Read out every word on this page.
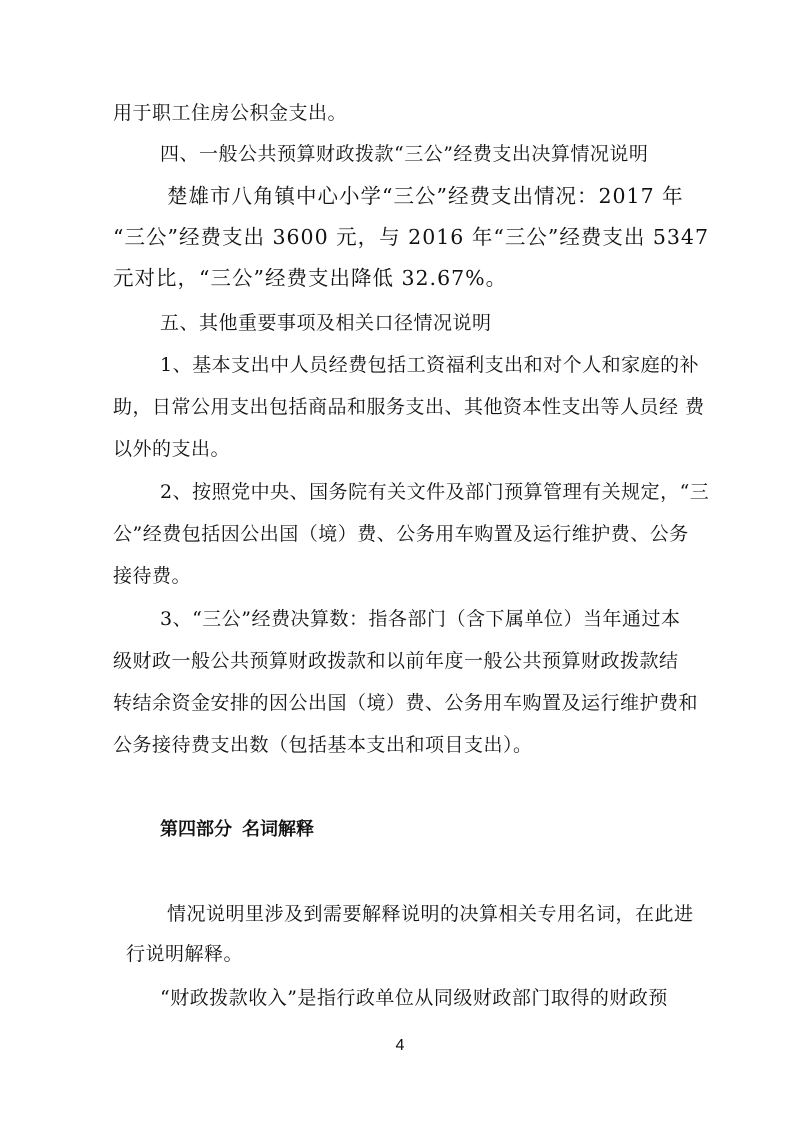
用于职工住房公积金支出。

四、一般公共预算财政拨款“三公”经费支出决算情况说明

楚雄市八角镇中心小学“三公”经费支出情况：2017 年

“三公”经费支出 3600 元，与 2016 年“三公”经费支出 5347

元对比，“三公”经费支出降低 32.67%。

五、其他重要事项及相关口径情况说明

1、基本支出中人员经费包括工资福利支出和对个人和家庭的补

助，日常公用支出包括商品和服务支出、其他资本性支出等人员经 费

以外的支出。

2、按照党中央、国务院有关文件及部门预算管理有关规定，“三

公”经费包括因公出国（境）费、公务用车购置及运行维护费、公务

接待费。

3、“三公”经费决算数：指各部门（含下属单位）当年通过本

级财政一般公共预算财政拨款和以前年度一般公共预算财政拨款结

转结余资金安排的因公出国（境）费、公务用车购置及运行维护费和

公务接待费支出数（包括基本支出和项目支出）。

第四部分 名词解释

情况说明里涉及到需要解释说明的决算相关专用名词，在此进

行说明解释。

“财政拨款收入”是指行政单位从同级财政部门取得的财政预

4
